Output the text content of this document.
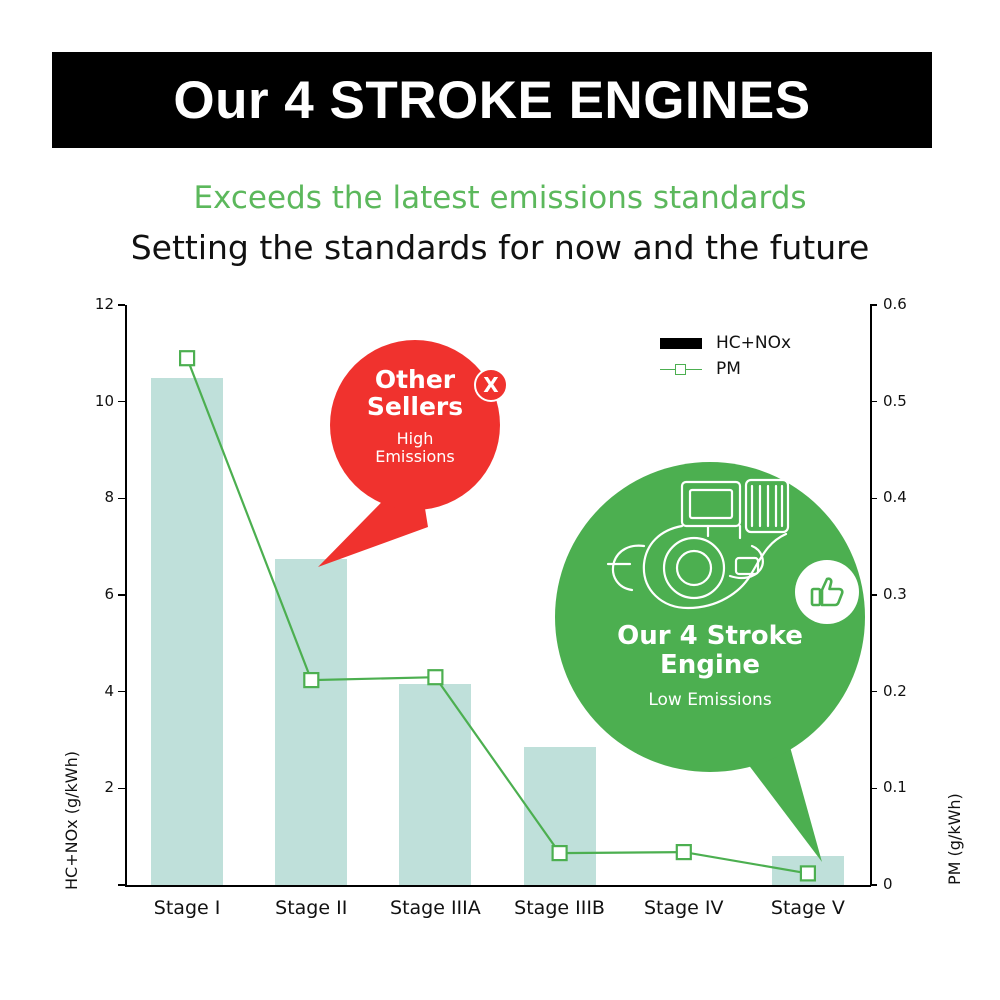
Our 4 STROKE ENGINES
Exceeds the latest emissions standards
Setting the standards for now and the future
2
4
6
8
10
12
0
0.1
0.2
0.3
0.4
0.5
0.6
Stage I	Stage II	Stage IIIA	Stage IIIB	Stage IV	Stage V
HC+NOx (g/kWh)	PM (g/kWh)
HC+NOx
PM
Other
Sellers
High
Emissions
X
Our 4 Stroke
Engine
Low Emissions
